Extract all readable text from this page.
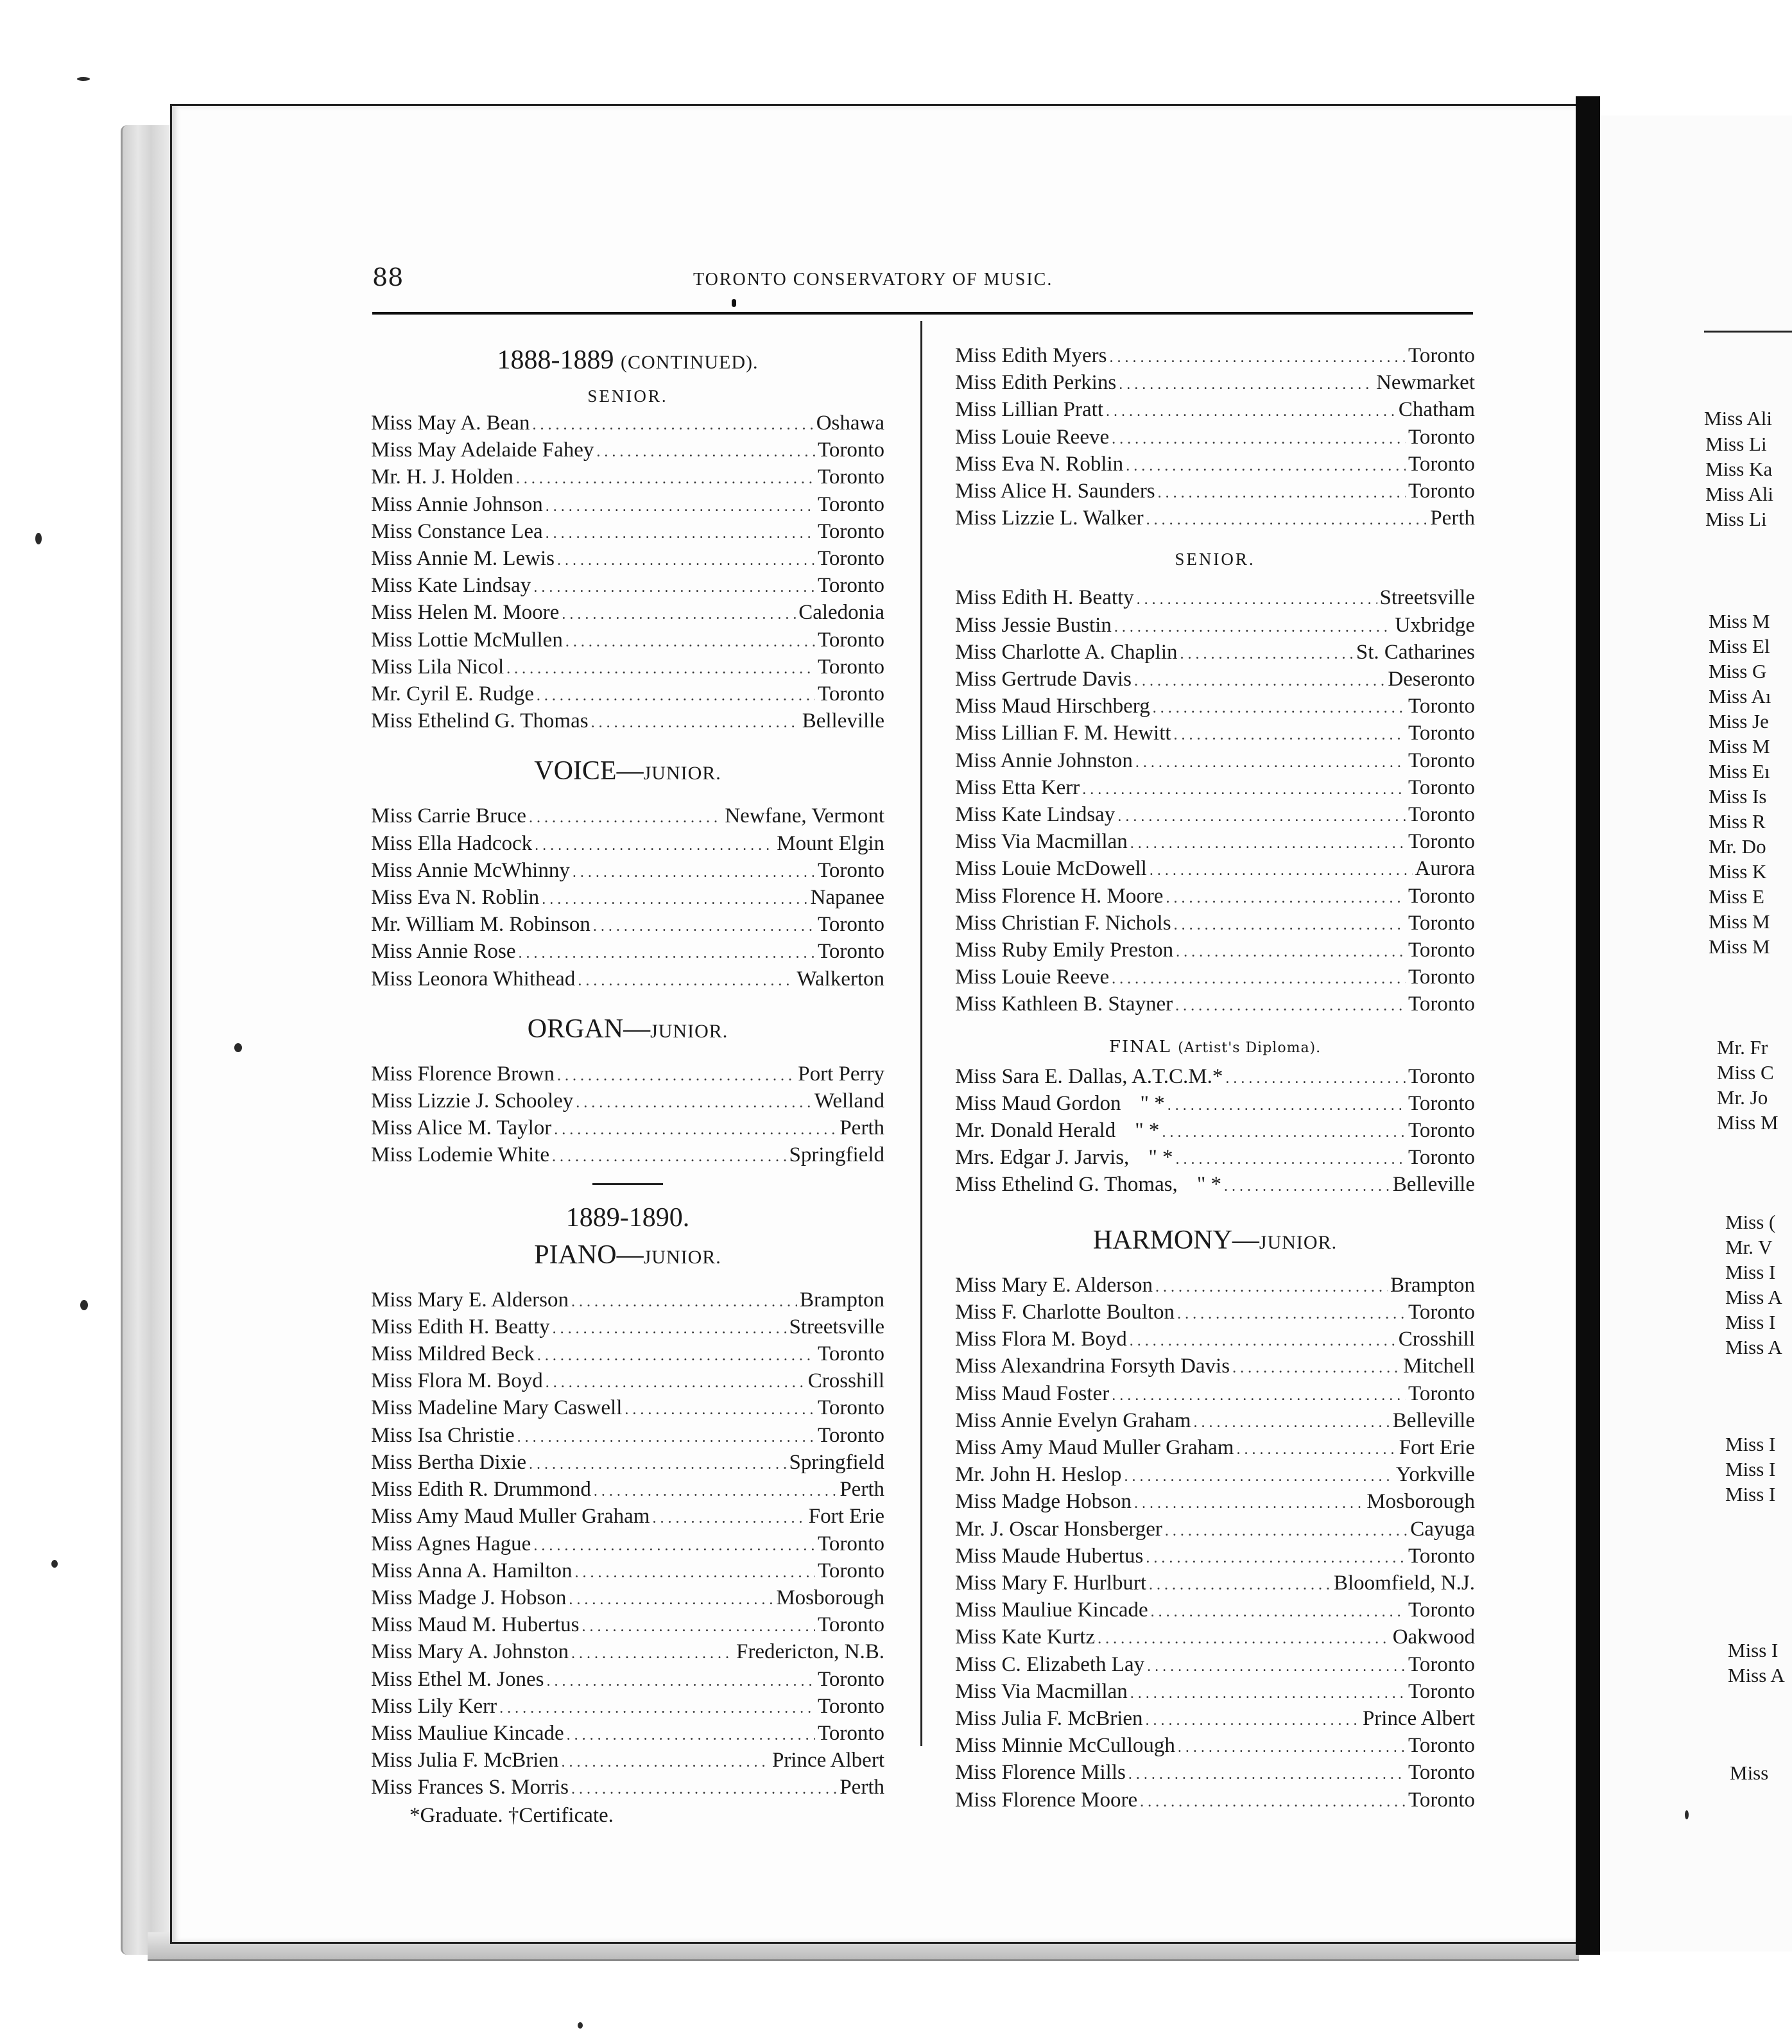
88	TORONTO CONSERVATORY OF MUSIC.
1888-1889 (CONTINUED).
SENIOR.
Miss May A. Bean .....	Oshawa
Miss May Adelaide Fahey .....	Toronto
Mr. H. J. Holden .....	Toronto
Miss Annie Johnson .....	Toronto
Miss Constance Lea .....	Toronto
Miss Annie M. Lewis .....	Toronto
Miss Kate Lindsay .....	Toronto
Miss Helen M. Moore .....	Caledonia
Miss Lottie McMullen .....	Toronto
Miss Lila Nicol .....	Toronto
Mr. Cyril E. Rudge .....	Toronto
Miss Ethelind G. Thomas .....	Belleville
VOICE—JUNIOR.
Miss Carrie Bruce .....	Newfane, Vermont
Miss Ella Hadcock .....	Mount Elgin
Miss Annie McWhinny .....	Toronto
Miss Eva N. Roblin .....	Napanee
Mr. William M. Robinson .....	Toronto
Miss Annie Rose .....	Toronto
Miss Leonora Whithead .....	Walkerton
ORGAN—JUNIOR.
Miss Florence Brown .....	Port Perry
Miss Lizzie J. Schooley .....	Welland
Miss Alice M. Taylor .....	Perth
Miss Lodemie White .....	Springfield
1889-1890.
PIANO—JUNIOR.
Miss Mary E. Alderson .....	Brampton
Miss Edith H. Beatty .....	Streetsville
Miss Mildred Beck .....	Toronto
Miss Flora M. Boyd .....	Crosshill
Miss Madeline Mary Caswell .....	Toronto
Miss Isa Christie .....	Toronto
Miss Bertha Dixie .....	Springfield
Miss Edith R. Drummond .....	Perth
Miss Amy Maud Muller Graham .....	Fort Erie
Miss Agnes Hague .....	Toronto
Miss Anna A. Hamilton .....	Toronto
Miss Madge J. Hobson .....	Mosborough
Miss Maud M. Hubertus .....	Toronto
Miss Mary A. Johnston .....	Fredericton, N.B.
Miss Ethel M. Jones .....	Toronto
Miss Lily Kerr .....	Toronto
Miss Mauliue Kincade .....	Toronto
Miss Julia F. McBrien .....	Prince Albert
Miss Frances S. Morris .....	Perth
*Graduate. †Certificate.
Miss Edith Myers .....	Toronto
Miss Edith Perkins .....	Newmarket
Miss Lillian Pratt .....	Chatham
Miss Louie Reeve .....	Toronto
Miss Eva N. Roblin .....	Toronto
Miss Alice H. Saunders .....	Toronto
Miss Lizzie L. Walker .....	Perth
SENIOR.
Miss Edith H. Beatty .....	Streetsville
Miss Jessie Bustin .....	Uxbridge
Miss Charlotte A. Chaplin .....	St. Catharines
Miss Gertrude Davis .....	Deseronto
Miss Maud Hirschberg .....	Toronto
Miss Lillian F. M. Hewitt .....	Toronto
Miss Annie Johnston .....	Toronto
Miss Etta Kerr .....	Toronto
Miss Kate Lindsay .....	Toronto
Miss Via Macmillan .....	Toronto
Miss Louie McDowell .....	Aurora
Miss Florence H. Moore .....	Toronto
Miss Christian F. Nichols .....	Toronto
Miss Ruby Emily Preston .....	Toronto
Miss Louie Reeve .....	Toronto
Miss Kathleen B. Stayner .....	Toronto
FINAL (Artist's Diploma).
Miss Sara E. Dallas, A.T.C.M.* .....	Toronto
Miss Maud Gordon " * .....	Toronto
Mr. Donald Herald " * .....	Toronto
Mrs. Edgar J. Jarvis, " * .....	Toronto
Miss Ethelind G. Thomas, " * .....	Belleville
HARMONY—JUNIOR.
Miss Mary E. Alderson .....	Brampton
Miss F. Charlotte Boulton .....	Toronto
Miss Flora M. Boyd .....	Crosshill
Miss Alexandrina Forsyth Davis .....	Mitchell
Miss Maud Foster .....	Toronto
Miss Annie Evelyn Graham .....	Belleville
Miss Amy Maud Muller Graham .....	Fort Erie
Mr. John H. Heslop .....	Yorkville
Miss Madge Hobson .....	Mosborough
Mr. J. Oscar Honsberger .....	Cayuga
Miss Maude Hubertus .....	Toronto
Miss Mary F. Hurlburt .....	Bloomfield, N.J.
Miss Mauliue Kincade .....	Toronto
Miss Kate Kurtz .....	Oakwood
Miss C. Elizabeth Lay .....	Toronto
Miss Via Macmillan .....	Toronto
Miss Julia F. McBrien .....	Prince Albert
Miss Minnie McCullough .....	Toronto
Miss Florence Mills .....	Toronto
Miss Florence Moore .....	Toronto
Miss Ali
Miss Li
Miss Ka
Miss Ali
Miss Li
Miss M
Miss El
Miss G
Miss Aı
Miss Je
Miss M
Miss Eı
Miss Is
Miss R
Mr. Do
Miss K
Miss E
Miss M
Miss M
Mr. Fr
Miss C
Mr. Jo
Miss M
Miss (
Mr. V
Miss I
Miss A
Miss I
Miss A
Miss I
Miss I
Miss I
Miss I
Miss A
Miss
